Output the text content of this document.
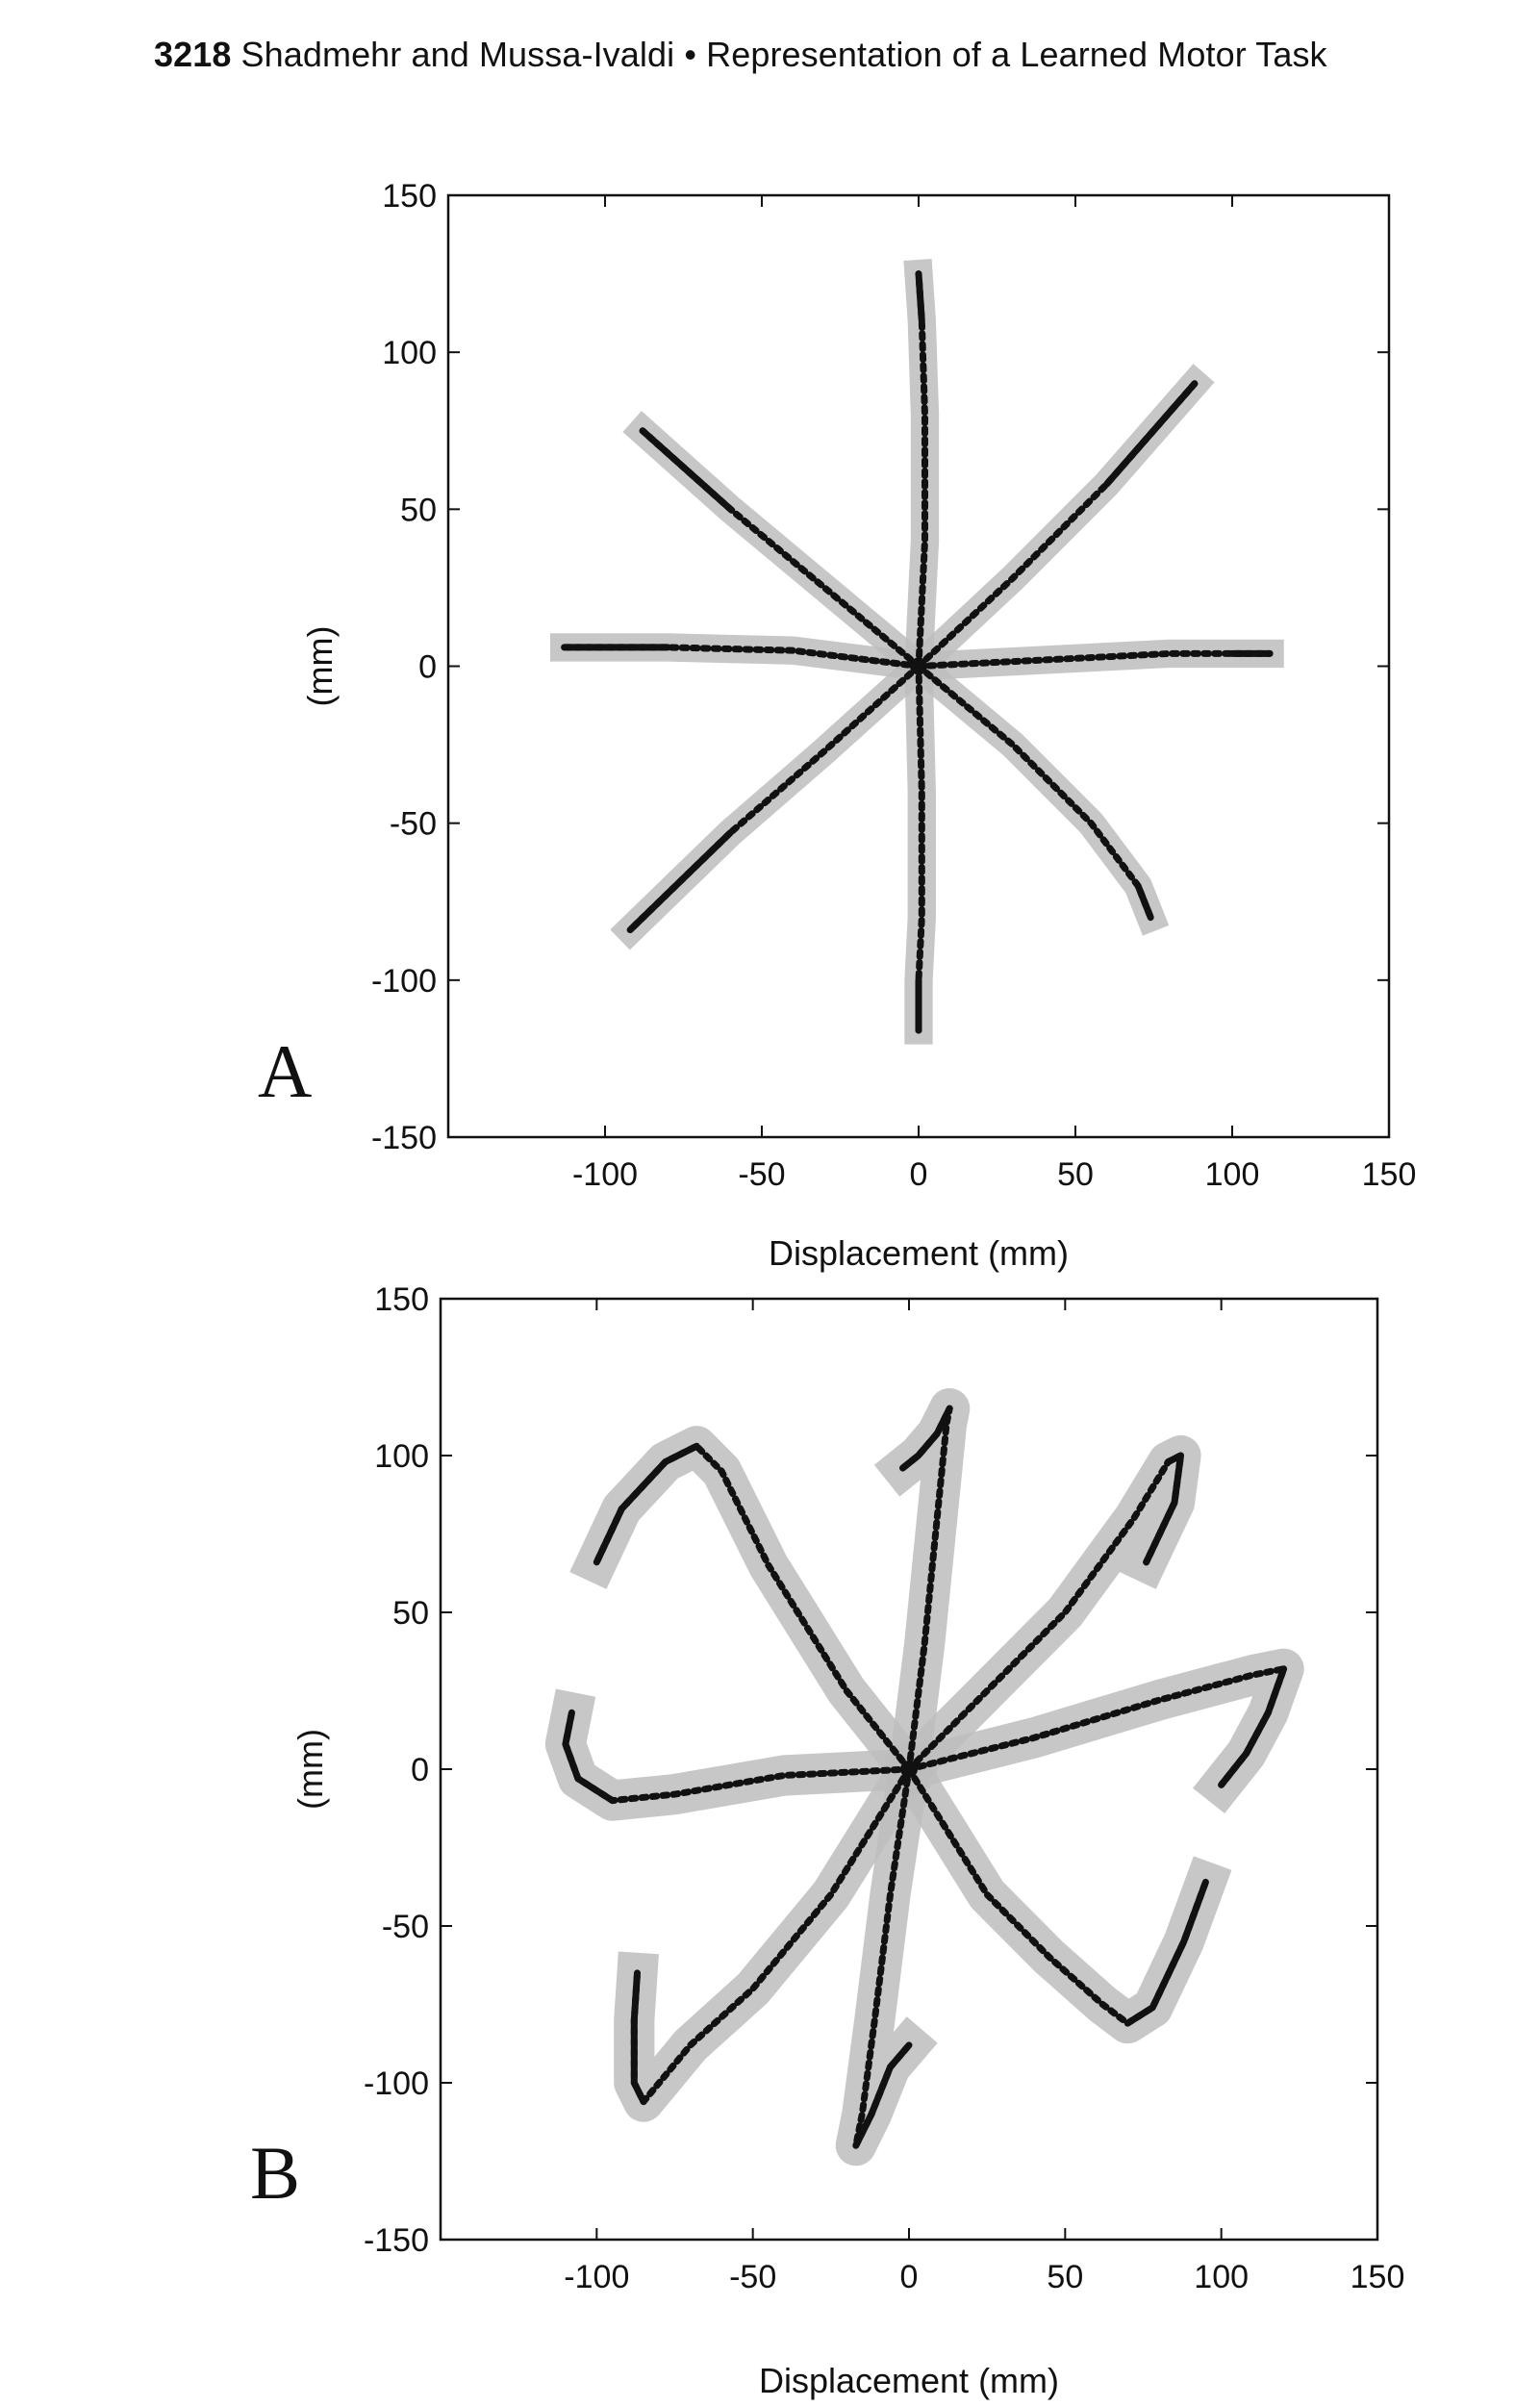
3218 Shadmehr and Mussa-Ivaldi • Representation of a Learned Motor Task
-100	-50	0	50	100	150
150
100
50
0
-50
-100
-150
Displacement (mm)
(mm)
A
-100	-50	0	50	100	150
150
100
50
0
-50
-100
-150
Displacement (mm)
(mm)
B
